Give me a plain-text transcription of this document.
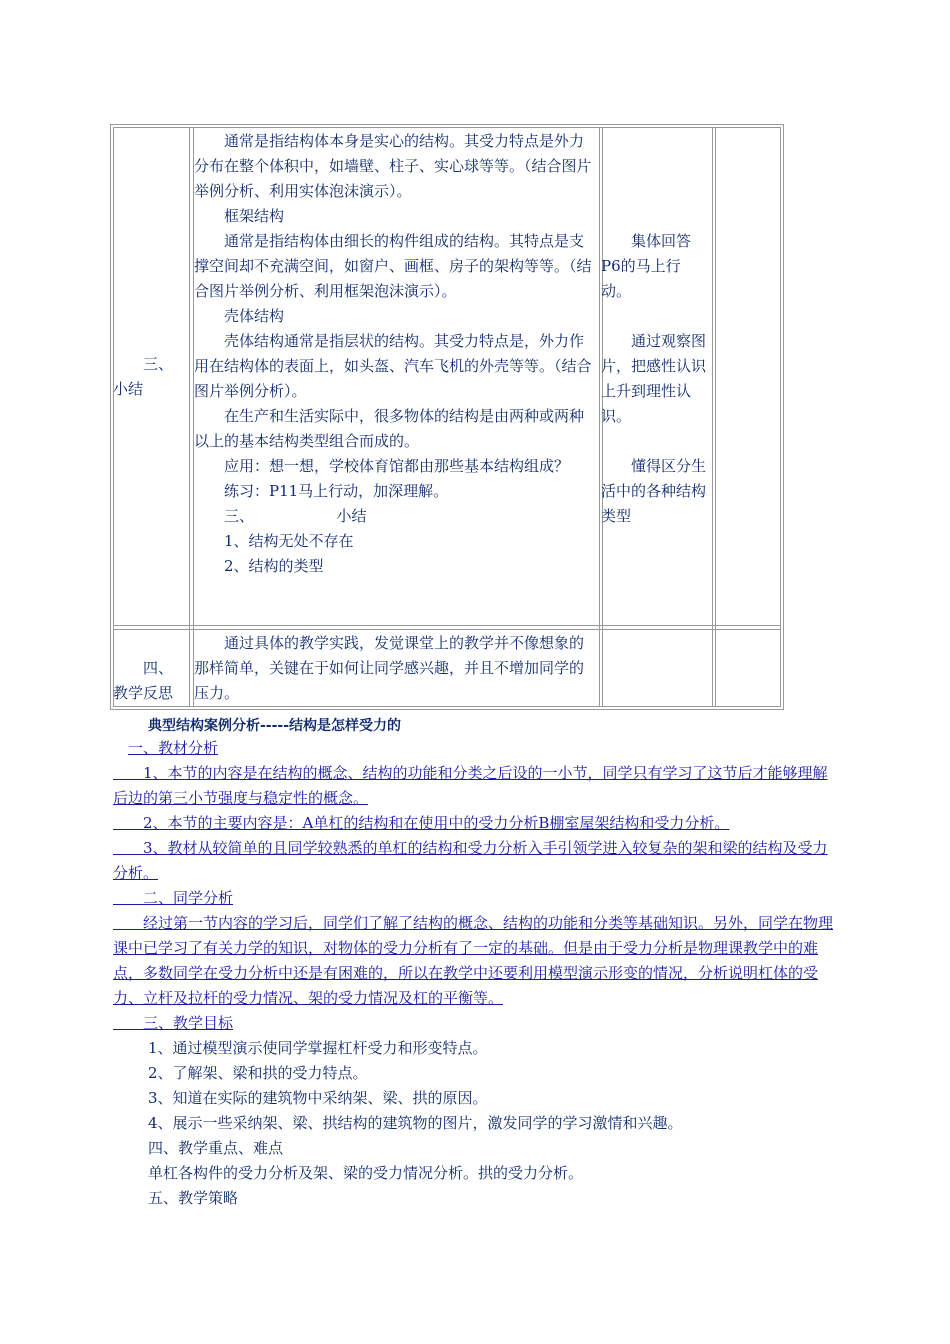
三、
小结

通常是指结构体本身是实心的结构。其受力特点是外力分布在整个体积中，如墙壁、柱子、实心球等等。（结合图片举例分析、利用实体泡沫演示）。

框架结构

通常是指结构体由细长的构件组成的结构。其特点是支撑空间却不充满空间，如窗户、画框、房子的架构等等。（结合图片举例分析、利用框架泡沫演示）。

壳体结构

壳体结构通常是指层状的结构。其受力特点是，外力作用在结构体的表面上，如头盔、汽车飞机的外壳等等。（结合图片举例分析）。

在生产和生活实际中，很多物体的结构是由两种或两种以上的基本结构类型组合而成的。

应用：想一想，学校体育馆都由那些基本结构组成？

练习：P11马上行动，加深理解。

三、　　　　　　小结

1、结构无处不存在

2、结构的类型

集体回答P6的马上行动。

通过观察图片，把感性认识上升到理性认识。

懂得区分生活中的各种结构类型

四、
教学反思

通过具体的教学实践，发觉课堂上的教学并不像想象的那样简单，关键在于如何让同学感兴趣，并且不增加同学的压力。

典型结构案例分析-----结构是怎样受力的
一、教材分析
　　1、本节的内容是在结构的概念、结构的功能和分类之后设的一小节，同学只有学习了这节后才能够理解后边的第三小节强度与稳定性的概念。
　　2、本节的主要内容是：A单杠的结构和在使用中的受力分析B棚室屋架结构和受力分析。
　　3、教材从较简单的且同学较熟悉的单杠的结构和受力分析入手引领学进入较复杂的架和梁的结构及受力分析。
　　二、同学分析
　　经过第一节内容的学习后，同学们了解了结构的概念、结构的功能和分类等基础知识。另外，同学在物理课中已学习了有关力学的知识，对物体的受力分析有了一定的基础。但是由于受力分析是物理课教学中的难点，多数同学在受力分析中还是有困难的，所以在教学中还要利用模型演示形变的情况，分析说明杠体的受力、立杆及拉杆的受力情况、架的受力情况及杠的平衡等。
　　三、教学目标
1、通过模型演示使同学掌握杠杆受力和形变特点。
2、了解架、梁和拱的受力特点。
3、知道在实际的建筑物中采纳架、梁、拱的原因。
4、展示一些采纳架、梁、拱结构的建筑物的图片，激发同学的学习激情和兴趣。
四、教学重点、难点
单杠各构件的受力分析及架、梁的受力情况分析。拱的受力分析。
五、教学策略
